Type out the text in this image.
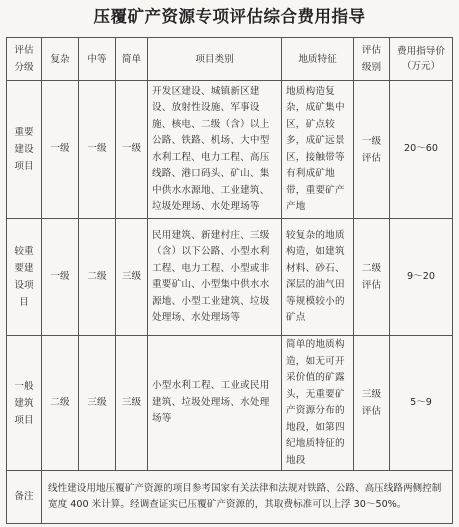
压覆矿产资源专项评估综合费用指导
评估分级	复杂	中等	简单	项目类别	地质特征	评估级别	费用指导价（万元）
重要建设项目	一级	一级	一级	开发区建设、城镇新区建设、放射性设施、军事设施、核电、二级（含）以上公路、铁路、机场、大中型水利工程、电力工程、高压线路、港口码头、矿山、集中供水水源地、工业建筑、垃圾处理场、水处理场等	地质构造复杂，成矿集中区，矿点较多，成矿远景区，接触带等有利成矿地带，重要矿产产地	一级评估	20～60
较重要建设项目	一级	二级	三级	民用建筑、新建村庄、三级（含）以下公路、小型水利工程、电力工程、小型或非重要矿山、小型集中供水水源地、小型工业建筑、垃圾处理场、水处理场等	较复杂的地质构造，如建筑材料、砂石、深层的油气田等规模较小的矿点	二级评估	9～20
一般建筑项目	二级	三级	三级	小型水利工程、工业或民用建筑、垃圾处理场、水处理场等	简单的地质构造，如无可开采价值的矿露头，无重要矿产资源分布的地段，如第四纪地质特征的地段	三级评估	5～9
备注	线性建设用地压覆矿产资源的项目参考国家有关法律和法规对铁路、公路、高压线路两侧控制宽度 400 米计算。经调查证实已压覆矿产资源的，其取费标准可以上浮 30～50%。						
